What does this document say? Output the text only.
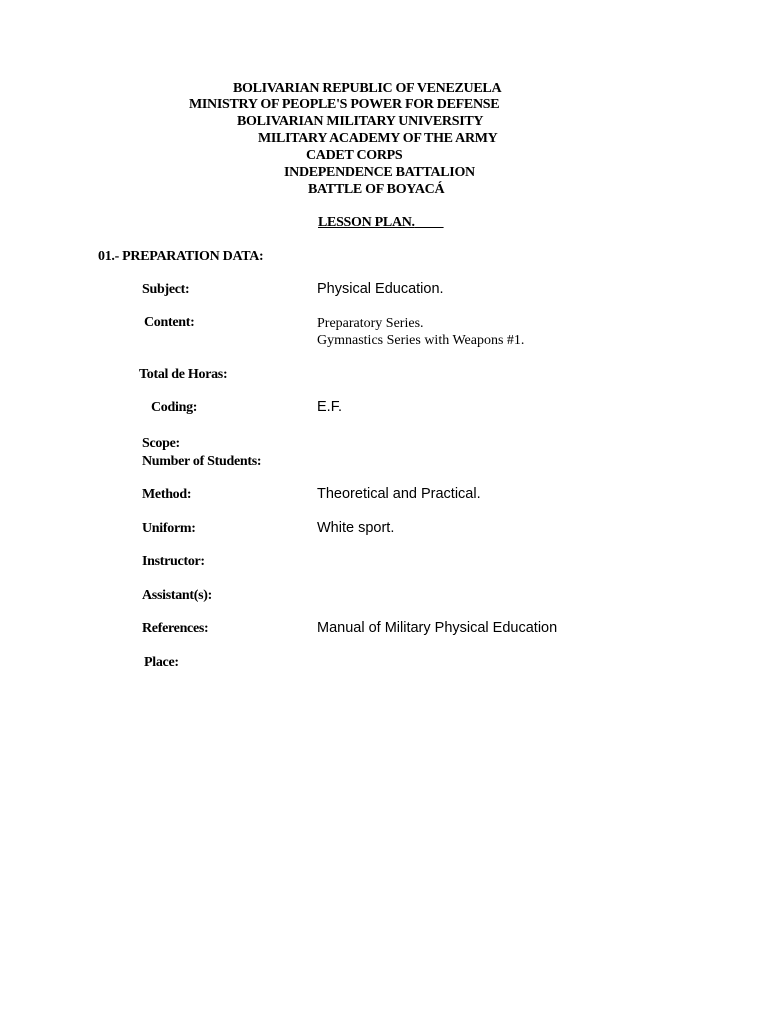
BOLIVARIAN REPUBLIC OF VENEZUELA
MINISTRY OF PEOPLE'S POWER FOR DEFENSE
BOLIVARIAN MILITARY UNIVERSITY
MILITARY ACADEMY OF THE ARMY
CADET CORPS
INDEPENDENCE BATTALION
BATTLE OF BOYACÁ
LESSON PLAN.
01.- PREPARATION DATA:
Subject:
Content:
Total de Horas:
Coding:
Scope:
Number of Students:
Method:
Uniform:
Instructor:
Assistant(s):
References:
Place:
Physical Education.
Preparatory Series.
Gymnastics Series with Weapons #1.
E.F.
Theoretical and Practical.
White sport.
Manual of Military Physical Education
